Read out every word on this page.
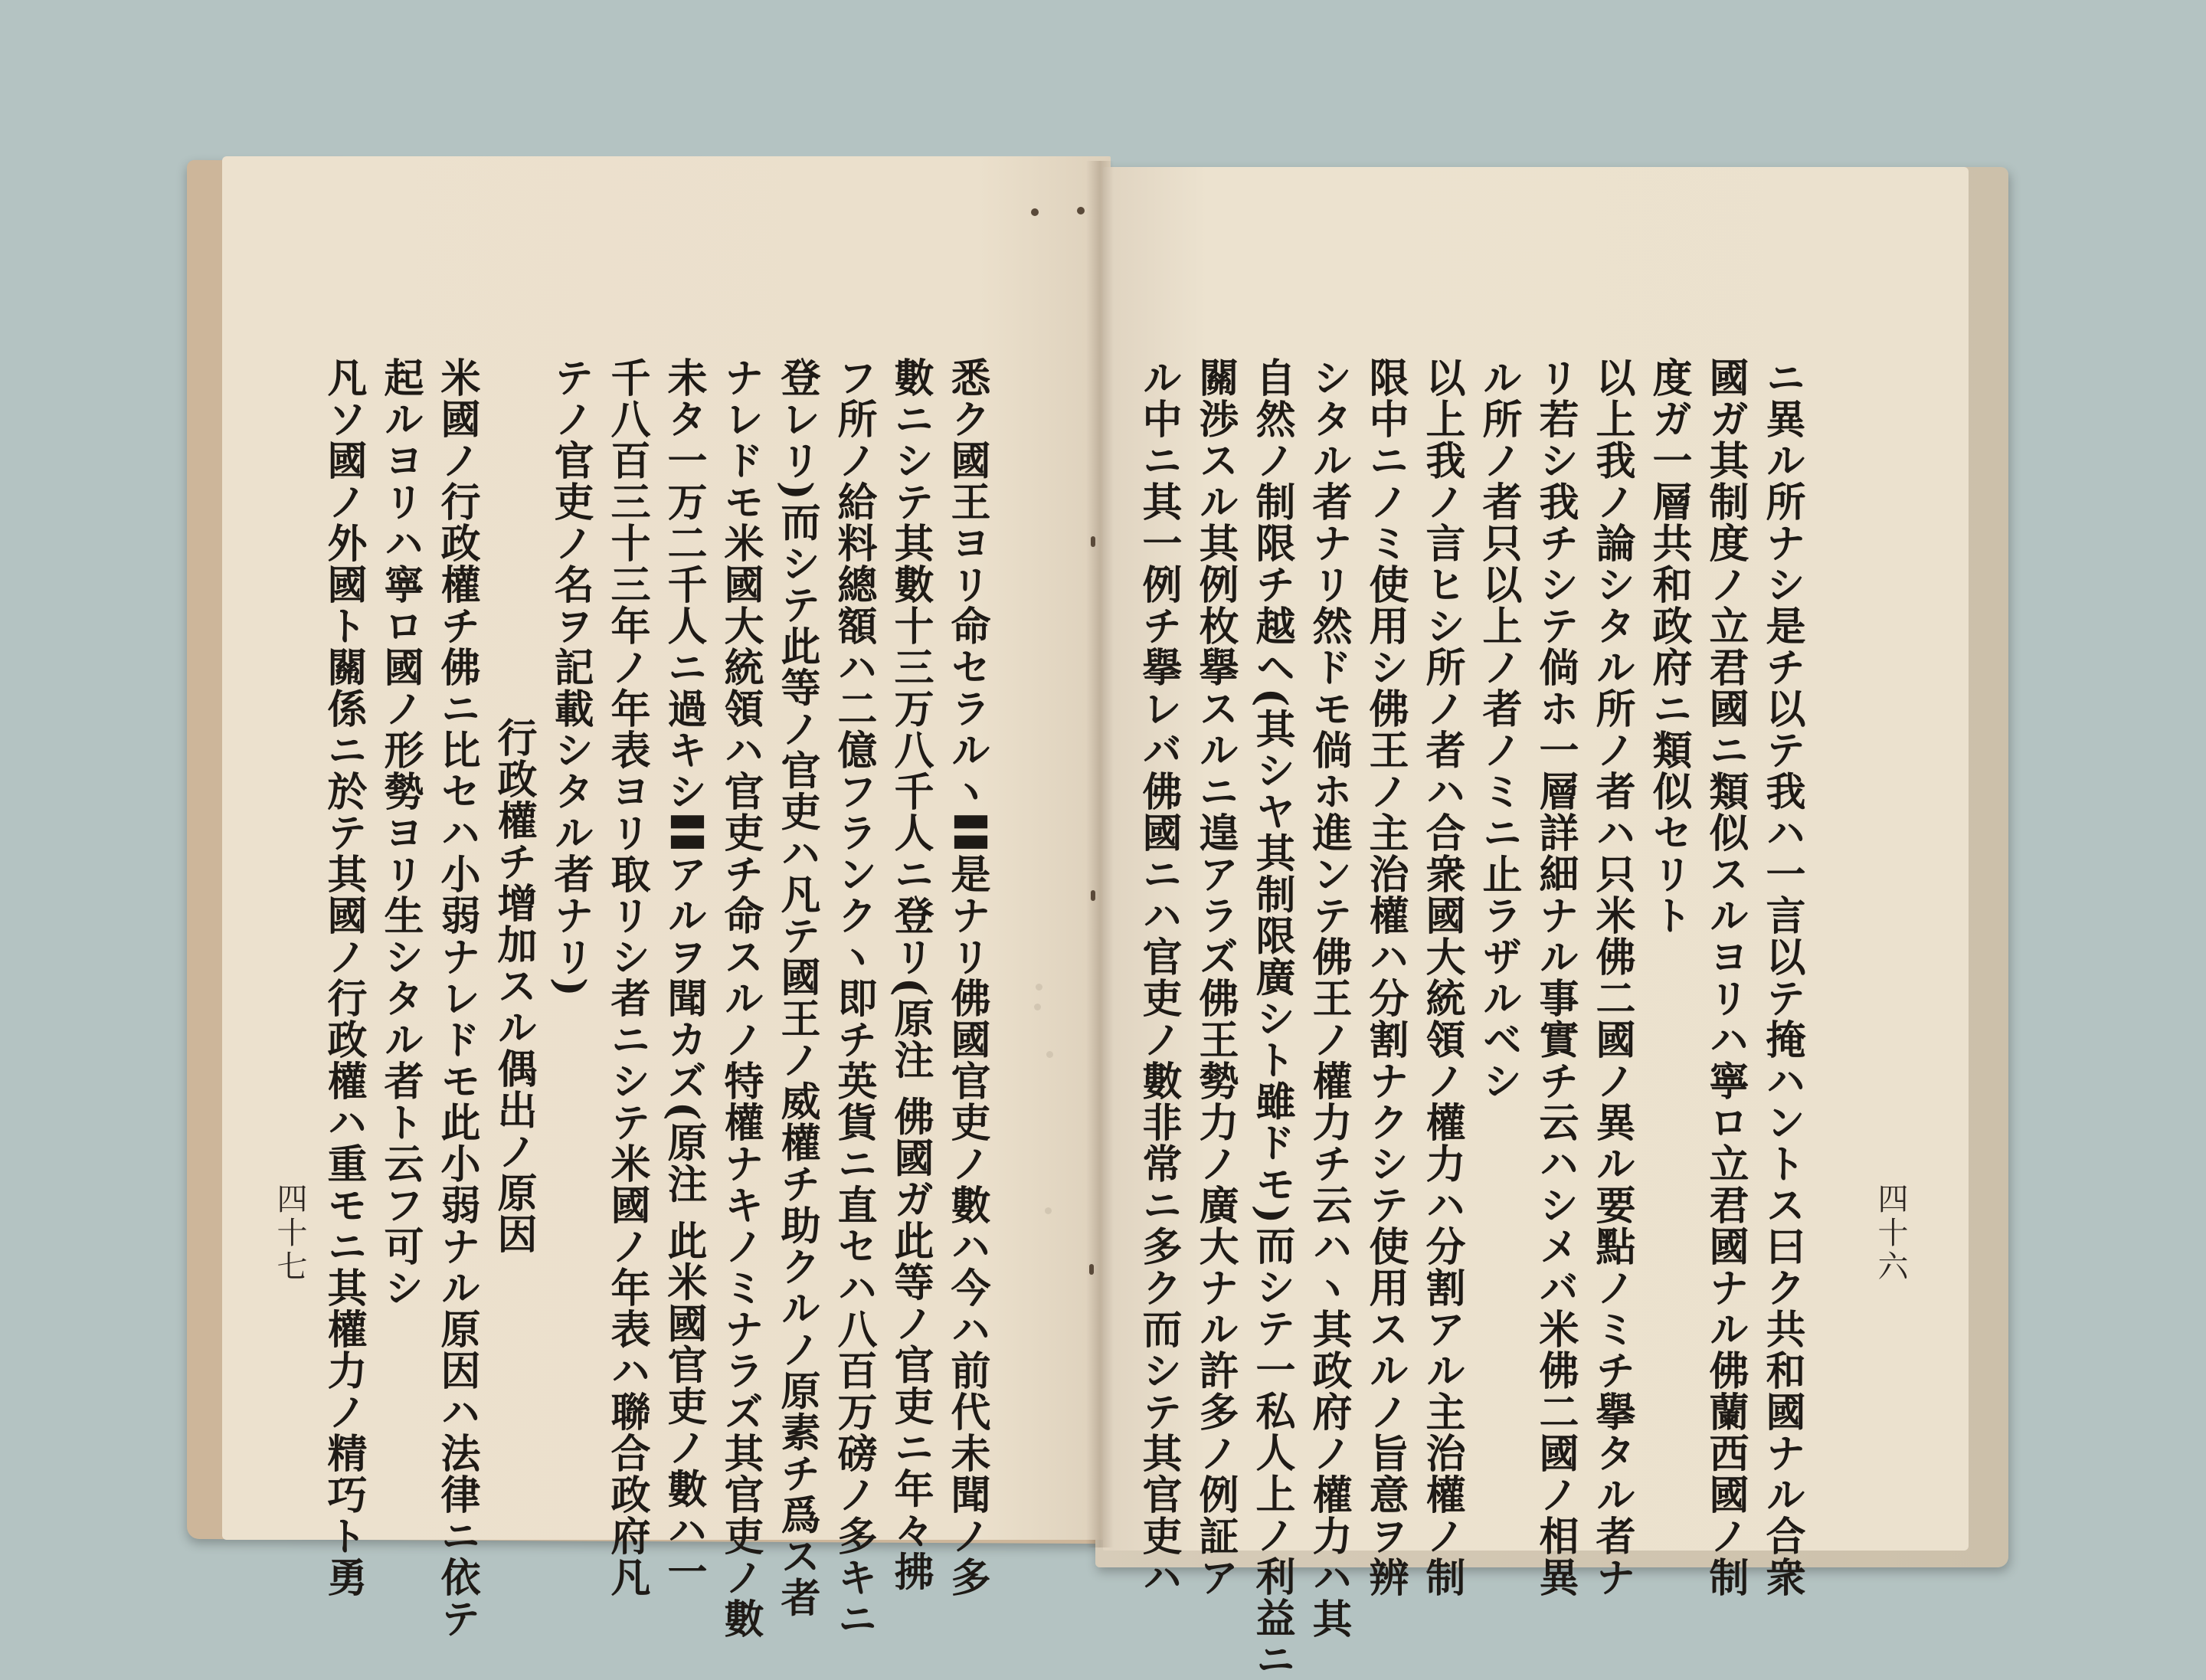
四十六
ニ異ル所ナシ是チ以テ我ハ一言以テ掩ハントス曰ク共和國ナル合衆
國ガ其制度ノ立君國ニ類似スルヨリハ寧ロ立君國ナル佛蘭西國ノ制
度ガ一層共和政府ニ類似セリト
以上我ノ論シタル所ノ者ハ只米佛二國ノ異ル要點ノミチ擧タル者ナ
リ若シ我チシテ倘ホ一層詳細ナル事實チ云ハシメバ米佛二國ノ相異
ル所ノ者只以上ノ者ノミニ止ラザルベシ
以上我ノ言ヒシ所ノ者ハ合衆國大統領ノ權力ハ分割アル主治權ノ制
限中ニノミ使用シ佛王ノ主治權ハ分割ナクシテ使用スルノ旨意ヲ辨
シタル者ナリ然ドモ倘ホ進ンテ佛王ノ權力チ云ハヽ其政府ノ權力ハ其
自然ノ制限チ越ヘ(其シヤ其制限廣シト雖ドモ)而シテ一私人上ノ利益ニ
關渉スル其例枚擧スルニ遑アラズ佛王勢力ノ廣大ナル許多ノ例証ア
ル中ニ其一例チ擧レバ佛國ニハ官吏ノ數非常ニ多ク而シテ其官吏ハ
悉ク國王ヨリ命セラルヽ〓是ナリ佛國官吏ノ數ハ今ハ前代未聞ノ多
數ニシテ其數十三万八千人ニ登リ(原注 佛國ガ此等ノ官吏ニ年々拂
フ所ノ給料總額ハ二億フランクヽ即チ英貨ニ直セハ八百万磅ノ多キニ
登レリ)而シテ此等ノ官吏ハ凡テ國王ノ威權チ助クルノ原素チ爲ス者
ナレドモ米國大統領ハ官吏チ命スルノ特權ナキノミナラズ其官吏ノ數
未タ一万二千人ニ過キシ〓アルヲ聞カズ(原注 此米國官吏ノ數ハ一
千八百三十三年ノ年表ヨリ取リシ者ニシテ米國ノ年表ハ聯合政府凡
テノ官吏ノ名ヲ記載シタル者ナリ)
行政權チ增加スル偶出ノ原因
米國ノ行政權チ佛ニ比セハ小弱ナレドモ此小弱ナル原因ハ法律ニ依テ
起ルヨリハ寧ロ國ノ形勢ヨリ生シタル者ト云フ可シ
凡ソ國ノ外國ト關係ニ於テ其國ノ行政權ハ重モニ其權力ノ精巧ト勇
四十七
